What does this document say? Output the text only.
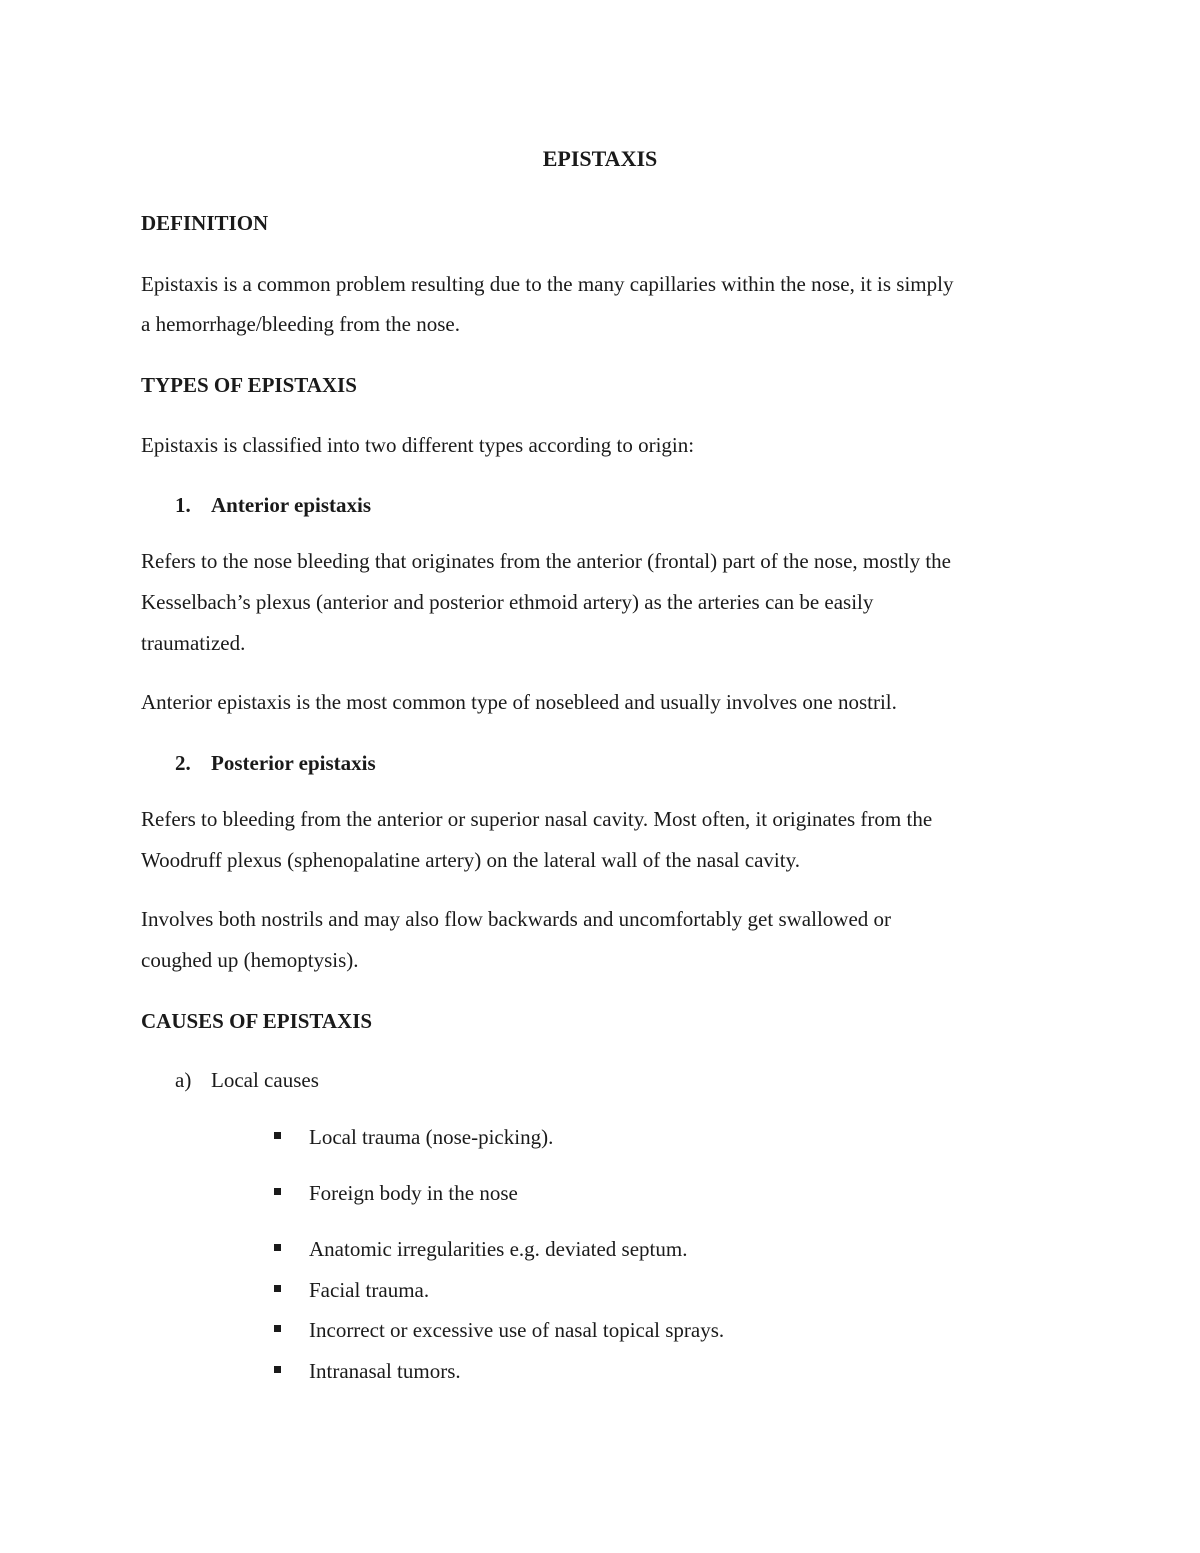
EPISTAXIS

DEFINITION

Epistaxis is a common problem resulting due to the many capillaries within the nose, it is simply

a hemorrhage/bleeding from the nose.

TYPES OF EPISTAXIS

Epistaxis is classified into two different types according to origin:

1. Anterior epistaxis

Refers to the nose bleeding that originates from the anterior (frontal) part of the nose, mostly the

Kesselbach’s plexus (anterior and posterior ethmoid artery) as the arteries can be easily

traumatized.

Anterior epistaxis is the most common type of nosebleed and usually involves one nostril.

2. Posterior epistaxis

Refers to bleeding from the anterior or superior nasal cavity. Most often, it originates from the

Woodruff plexus (sphenopalatine artery) on the lateral wall of the nasal cavity.

Involves both nostrils and may also flow backwards and uncomfortably get swallowed or

coughed up (hemoptysis).

CAUSES OF EPISTAXIS

a) Local causes

Local trauma (nose-picking).

Foreign body in the nose

Anatomic irregularities e.g. deviated septum.

Facial trauma.

Incorrect or excessive use of nasal topical sprays.

Intranasal tumors.
